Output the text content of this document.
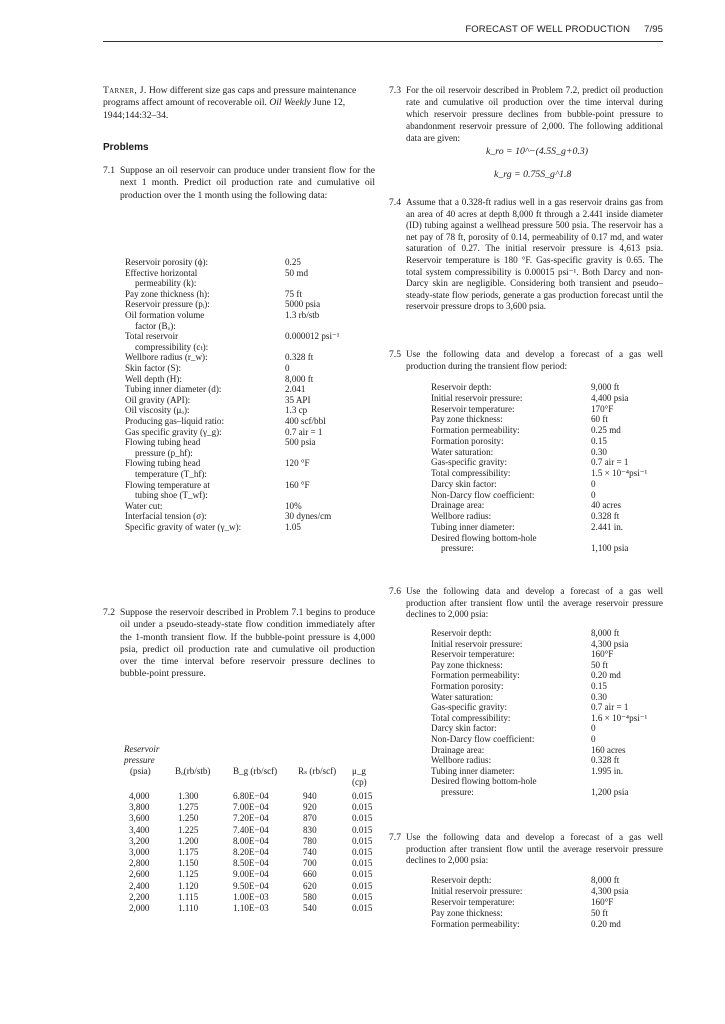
FORECAST OF WELL PRODUCTION 7/95
Tarner, J. How different size gas caps and pressure maintenance programs affect amount of recoverable oil. Oil Weekly June 12, 1944;144:32–34.
Problems
7.1 Suppose an oil reservoir can produce under transient flow for the next 1 month. Predict oil production rate and cumulative oil production over the 1 month using the following data:
Reservoir porosity (ϕ):	0.25
Effective horizontal	50 md
permeability (k):
Pay zone thickness (h):	75 ft
Reservoir pressure (pᵢ):	5000 psia
Oil formation volume	1.3 rb/stb
factor (Bₒ):
Total reservoir	0.000012 psi⁻¹
compressibility (cₜ):
Wellbore radius (r_w):	0.328 ft
Skin factor (S):	0
Well depth (H):	8,000 ft
Tubing inner diameter (d):	2.041
Oil gravity (API):	35 API
Oil viscosity (μₒ):	1.3 cp
Producing gas–liquid ratio:	400 scf/bbl
Gas specific gravity (γ_g):	0.7 air = 1
Flowing tubing head	500 psia
pressure (p_hf):
Flowing tubing head	120 °F
temperature (T_hf):
Flowing temperature at	160 °F
tubing shoe (T_wf):
Water cut:	10%
Interfacial tension (σ):	30 dynes/cm
Specific gravity of water (γ_w):	1.05
7.2 Suppose the reservoir described in Problem 7.1 begins to produce oil under a pseudo-steady-state flow condition immediately after the 1-month transient flow. If the bubble-point pressure is 4,000 psia, predict oil production rate and cumulative oil production over the time interval before reservoir pressure declines to bubble-point pressure.
Reservoir
pressure
(psia)	Bₒ(rb/stb) B_g (rb/scf) Rₛ (rb/scf) μ_g (cp)
4,000	1.300	6.80E−04	940	0.015
3,800	1.275	7.00E−04	920	0.015
3,600	1.250	7.20E−04	870	0.015
3,400	1.225	7.40E−04	830	0.015
3,200	1.200	8.00E−04	780	0.015
3,000	1.175	8.20E−04	740	0.015
2,800	1.150	8.50E−04	700	0.015
2,600	1.125	9.00E−04	660	0.015
2,400	1.120	9.50E−04	620	0.015
2,200	1.115	1.00E−03	580	0.015
2,000	1.110	1.10E−03	540	0.015
7.3 For the oil reservoir described in Problem 7.2, predict oil production rate and cumulative oil production over the time interval during which reservoir pressure declines from bubble-point pressure to abandonment reservoir pressure of 2,000. The following additional data are given:
k_ro = 10^−(4.5S_g+0.3)
k_rg = 0.75S_g^1.8
7.4 Assume that a 0.328-ft radius well in a gas reservoir drains gas from an area of 40 acres at depth 8,000 ft through a 2.441 inside diameter (ID) tubing against a wellhead pressure 500 psia. The reservoir has a net pay of 78 ft, porosity of 0.14, permeability of 0.17 md, and water saturation of 0.27. The initial reservoir pressure is 4,613 psia. Reservoir temperature is 180 °F. Gas-specific gravity is 0.65. The total system compressibility is 0.00015 psi⁻¹. Both Darcy and non-Darcy skin are negligible. Considering both transient and pseudo–steady-state flow periods, generate a gas production forecast until the reservoir pressure drops to 3,600 psia.
7.5 Use the following data and develop a forecast of a gas well production during the transient flow period:
Reservoir depth:	9,000 ft
Initial reservoir pressure:	4,400 psia
Reservoir temperature:	170°F
Pay zone thickness:	60 ft
Formation permeability:	0.25 md
Formation porosity:	0.15
Water saturation:	0.30
Gas-specific gravity:	0.7 air = 1
Total compressibility:	1.5 × 10⁻⁴psi⁻¹
Darcy skin factor:	0
Non-Darcy flow coefficient:	0
Drainage area:	40 acres
Wellbore radius:	0.328 ft
Tubing inner diameter:	2.441 in.
Desired flowing bottom-hole
pressure:	1,100 psia
7.6 Use the following data and develop a forecast of a gas well production after transient flow until the average reservoir pressure declines to 2,000 psia:
Reservoir depth:	8,000 ft
Initial reservoir pressure:	4,300 psia
Reservoir temperature:	160°F
Pay zone thickness:	50 ft
Formation permeability:	0.20 md
Formation porosity:	0.15
Water saturation:	0.30
Gas-specific gravity:	0.7 air = 1
Total compressibility:	1.6 × 10⁻⁴psi⁻¹
Darcy skin factor:	0
Non-Darcy flow coefficient:	0
Drainage area:	160 acres
Wellbore radius:	0.328 ft
Tubing inner diameter:	1.995 in.
Desired flowing bottom-hole
pressure:	1,200 psia
7.7 Use the following data and develop a forecast of a gas well production after transient flow until the average reservoir pressure declines to 2,000 psia:
Reservoir depth:	8,000 ft
Initial reservoir pressure:	4,300 psia
Reservoir temperature:	160°F
Pay zone thickness:	50 ft
Formation permeability:	0.20 md
